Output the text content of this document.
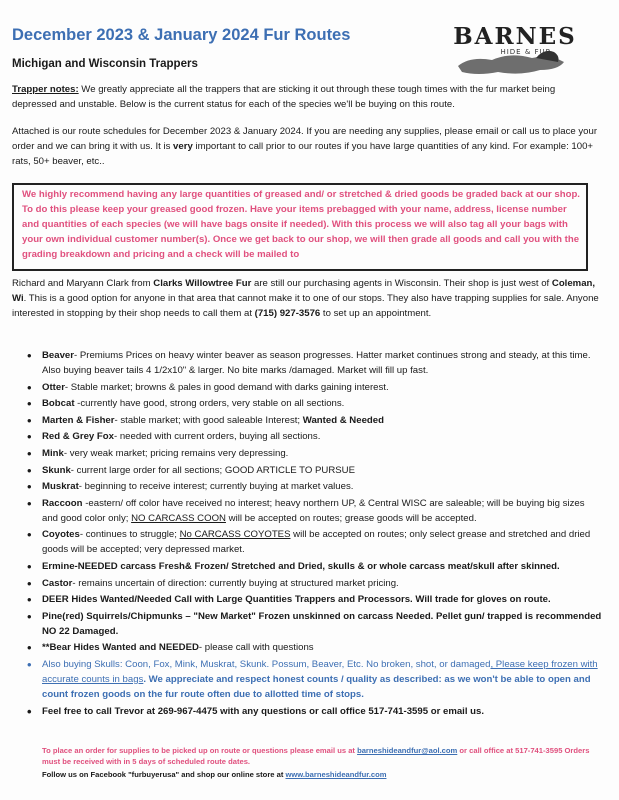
December 2023 & January 2024 Fur Routes	BARNES
HIDE & FUR
Michigan and Wisconsin Trappers
Trapper notes: We greatly appreciate all the trappers that are sticking it out through these tough times with the fur market being depressed and unstable. Below is the current status for each of the species we'll be buying on this route.
Attached is our route schedules for December 2023 & January 2024. If you are needing any supplies, please email or call us to place your order and we can bring it with us. It is very important to call prior to our routes if you have large quantities of any kind. For example: 100+ rats, 50+ beaver, etc..
We highly recommend having any large quantities of greased and/ or stretched & dried goods be graded back at our shop. To do this please keep your greased good frozen. Have your items prebagged with your name, address, license number and quantities of each species (we will have bags onsite if needed). With this process we will also tag all your bags with your own individual customer number(s). Once we get back to our shop, we will then grade all goods and call you with the grading breakdown and pricing and a check will be mailed to
Richard and Maryann Clark from Clarks Willowtree Fur are still our purchasing agents in Wisconsin. Their shop is just west of Coleman, Wi. This is a good option for anyone in that area that cannot make it to one of our stops. They also have trapping supplies for sale. Anyone interested in stopping by their shop needs to call them at (715) 927-3576 to set up an appointment.
• Beaver- Premiums Prices on heavy winter beaver as season progresses. Hatter market continues strong and steady, at this time. Also buying beaver tails 4 1/2x10" & larger. No bite marks /damaged. Market will fill up fast.
• Otter- Stable market; browns & pales in good demand with darks gaining interest.
• Bobcat -currently have good, strong orders, very stable on all sections.
• Marten & Fisher- stable market; with good saleable Interest; Wanted & Needed
• Red & Grey Fox- needed with current orders, buying all sections.
• Mink- very weak market; pricing remains very depressing.
• Skunk- current large order for all sections; GOOD ARTICLE TO PURSUE
• Muskrat- beginning to receive interest; currently buying at market values.
• Raccoon -eastern/ off color have received no interest; heavy northern UP, & Central WISC are saleable; will be buying big sizes and good color only; NO CARCASS COON will be accepted on routes; grease goods will be accepted.
• Coyotes- continues to struggle; No CARCASS COYOTES will be accepted on routes; only select grease and stretched and dried goods will be accepted; very depressed market.
• Ermine-NEEDED carcass Fresh& Frozen/ Stretched and Dried, skulls & or whole carcass meat/skull after skinned.
• Castor- remains uncertain of direction: currently buying at structured market pricing.
• DEER Hides Wanted/Needed Call with Large Quantities Trappers and Processors. Will trade for gloves on route.
• Pine(red) Squirrels/Chipmunks – "New Market" Frozen unskinned on carcass Needed. Pellet gun/ trapped is recommended NO 22 Damaged.
• **Bear Hides Wanted and NEEDED- please call with questions
• Also buying Skulls: Coon, Fox, Mink, Muskrat, Skunk. Possum, Beaver, Etc. No broken, shot, or damaged, Please keep frozen with accurate counts in bags. We appreciate and respect honest counts / quality as described: as we won't be able to open and count frozen goods on the fur route often due to allotted time of stops.
• Feel free to call Trevor at 269-967-4475 with any questions or call office 517-741-3595 or email us.
To place an order for supplies to be picked up on route or questions please email us at barneshideandfur@aol.com or call office at 517-741-3595 Orders must be received with in 5 days of scheduled route dates.
Follow us on Facebook "furbuyerusa" and shop our online store at www.barneshideandfur.com
